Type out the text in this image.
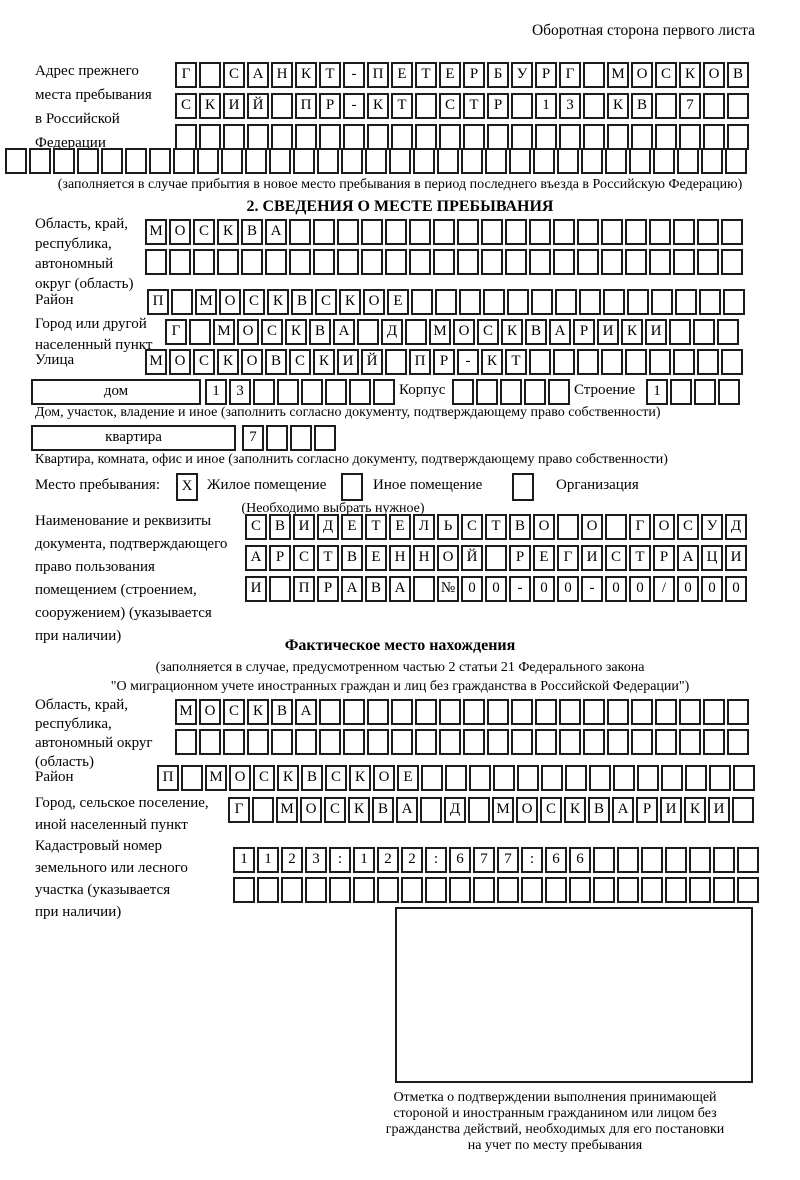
Оборотная сторона первого листа
Адрес прежнего
места пребывания
в Российской
Федерации
Г	С А Н К Т	-	П Е Т Е	Р	Б У Р	Г	М О С К О В
С К И Й	П Р	-	К Т	С Т	Р	1	3	К В	7
(заполняется в случае прибытия в новое место пребывания в период последнего въезда в Российскую Федерацию)
2. СВЕДЕНИЯ О МЕСТЕ ПРЕБЫВАНИЯ
Область, край,
республика,
автономный
округ (область)
М О С К В А
Район	П	М О С К В С К О Е
Город или другой
населенный пункт
Г	М О С К В А	Д	М О С К В А Р И К И
Улица	М О С К О В С К И Й	П Р	-	К Т
дом	1	3	Корпус	Строение	1
Дом, участок, владение и иное (заполнить согласно документу, подтверждающему право собственности)
квартира	7
Квартира, комната, офис и иное (заполнить согласно документу, подтверждающему право собственности)
Место пребывания:	X Жилое помещение	Иное помещение	Организация
(Необходимо выбрать нужное)
Наименование и реквизиты
документа, подтверждающего
право пользования
помещением (строением,
сооружением) (указывается
при наличии)
С В И Д Е Т Е Л Ь С Т В О	О	Г О С У Д
А Р С Т В Е Н Н О Й	Р	Е	Г И С Т	Р А Ц И
И	П Р А В А	№ 0	0	-	0	0	-	0	0	/	0	0	0
Фактическое место нахождения
(заполняется в случае, предусмотренном частью 2 статьи 21 Федерального закона
"О миграционном учете иностранных граждан и лиц без гражданства в Российской Федерации")
Область, край,
республика,
автономный округ
(область)
М О С К В А
Район	П	М О С К В С К О Е
Город, сельское поселение,
иной населенный пункт
Г	М О С К В А	Д	М О С К В А Р И К И
Кадастровый номер
земельного или лесного
участка (указывается
при наличии)
1	1	2	3	:	1	2	2	:	6	7	7	:	6	6
Отметка о подтверждении выполнения принимающей
стороной и иностранным гражданином или лицом без
гражданства действий, необходимых для его постановки
на учет по месту пребывания
